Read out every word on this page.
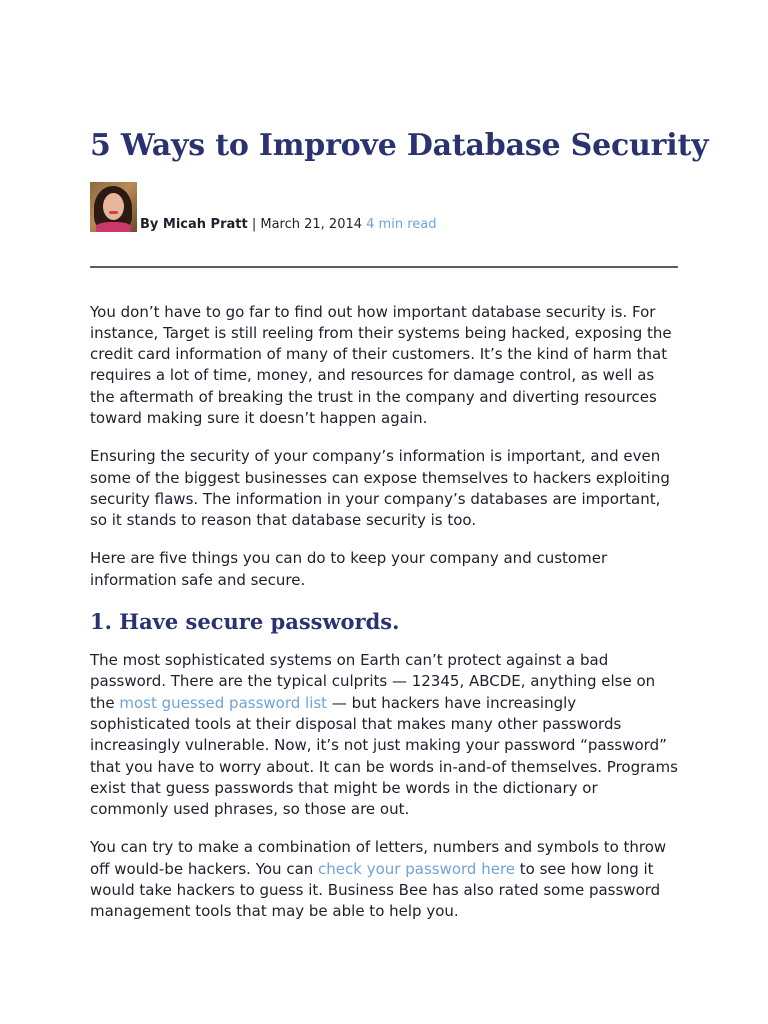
5 Ways to Improve Database Security
By Micah Pratt | March 21, 2014 4 min read

You don’t have to go far to find out how important database security is. For instance, Target is still reeling from their systems being hacked, exposing the credit card information of many of their customers. It’s the kind of harm that requires a lot of time, money, and resources for damage control, as well as the aftermath of breaking the trust in the company and diverting resources toward making sure it doesn’t happen again.

Ensuring the security of your company’s information is important, and even some of the biggest businesses can expose themselves to hackers exploiting security flaws. The information in your company’s databases are important, so it stands to reason that database security is too.

Here are five things you can do to keep your company and customer information safe and secure.

1. Have secure passwords.

The most sophisticated systems on Earth can’t protect against a bad password. There are the typical culprits — 12345, ABCDE, anything else on the most guessed password list — but hackers have increasingly sophisticated tools at their disposal that makes many other passwords increasingly vulnerable. Now, it’s not just making your password “password” that you have to worry about. It can be words in-and-of themselves. Programs exist that guess passwords that might be words in the dictionary or commonly used phrases, so those are out.

You can try to make a combination of letters, numbers and symbols to throw off would-be hackers. You can check your password here to see how long it would take hackers to guess it. Business Bee has also rated some password management tools that may be able to help you.
